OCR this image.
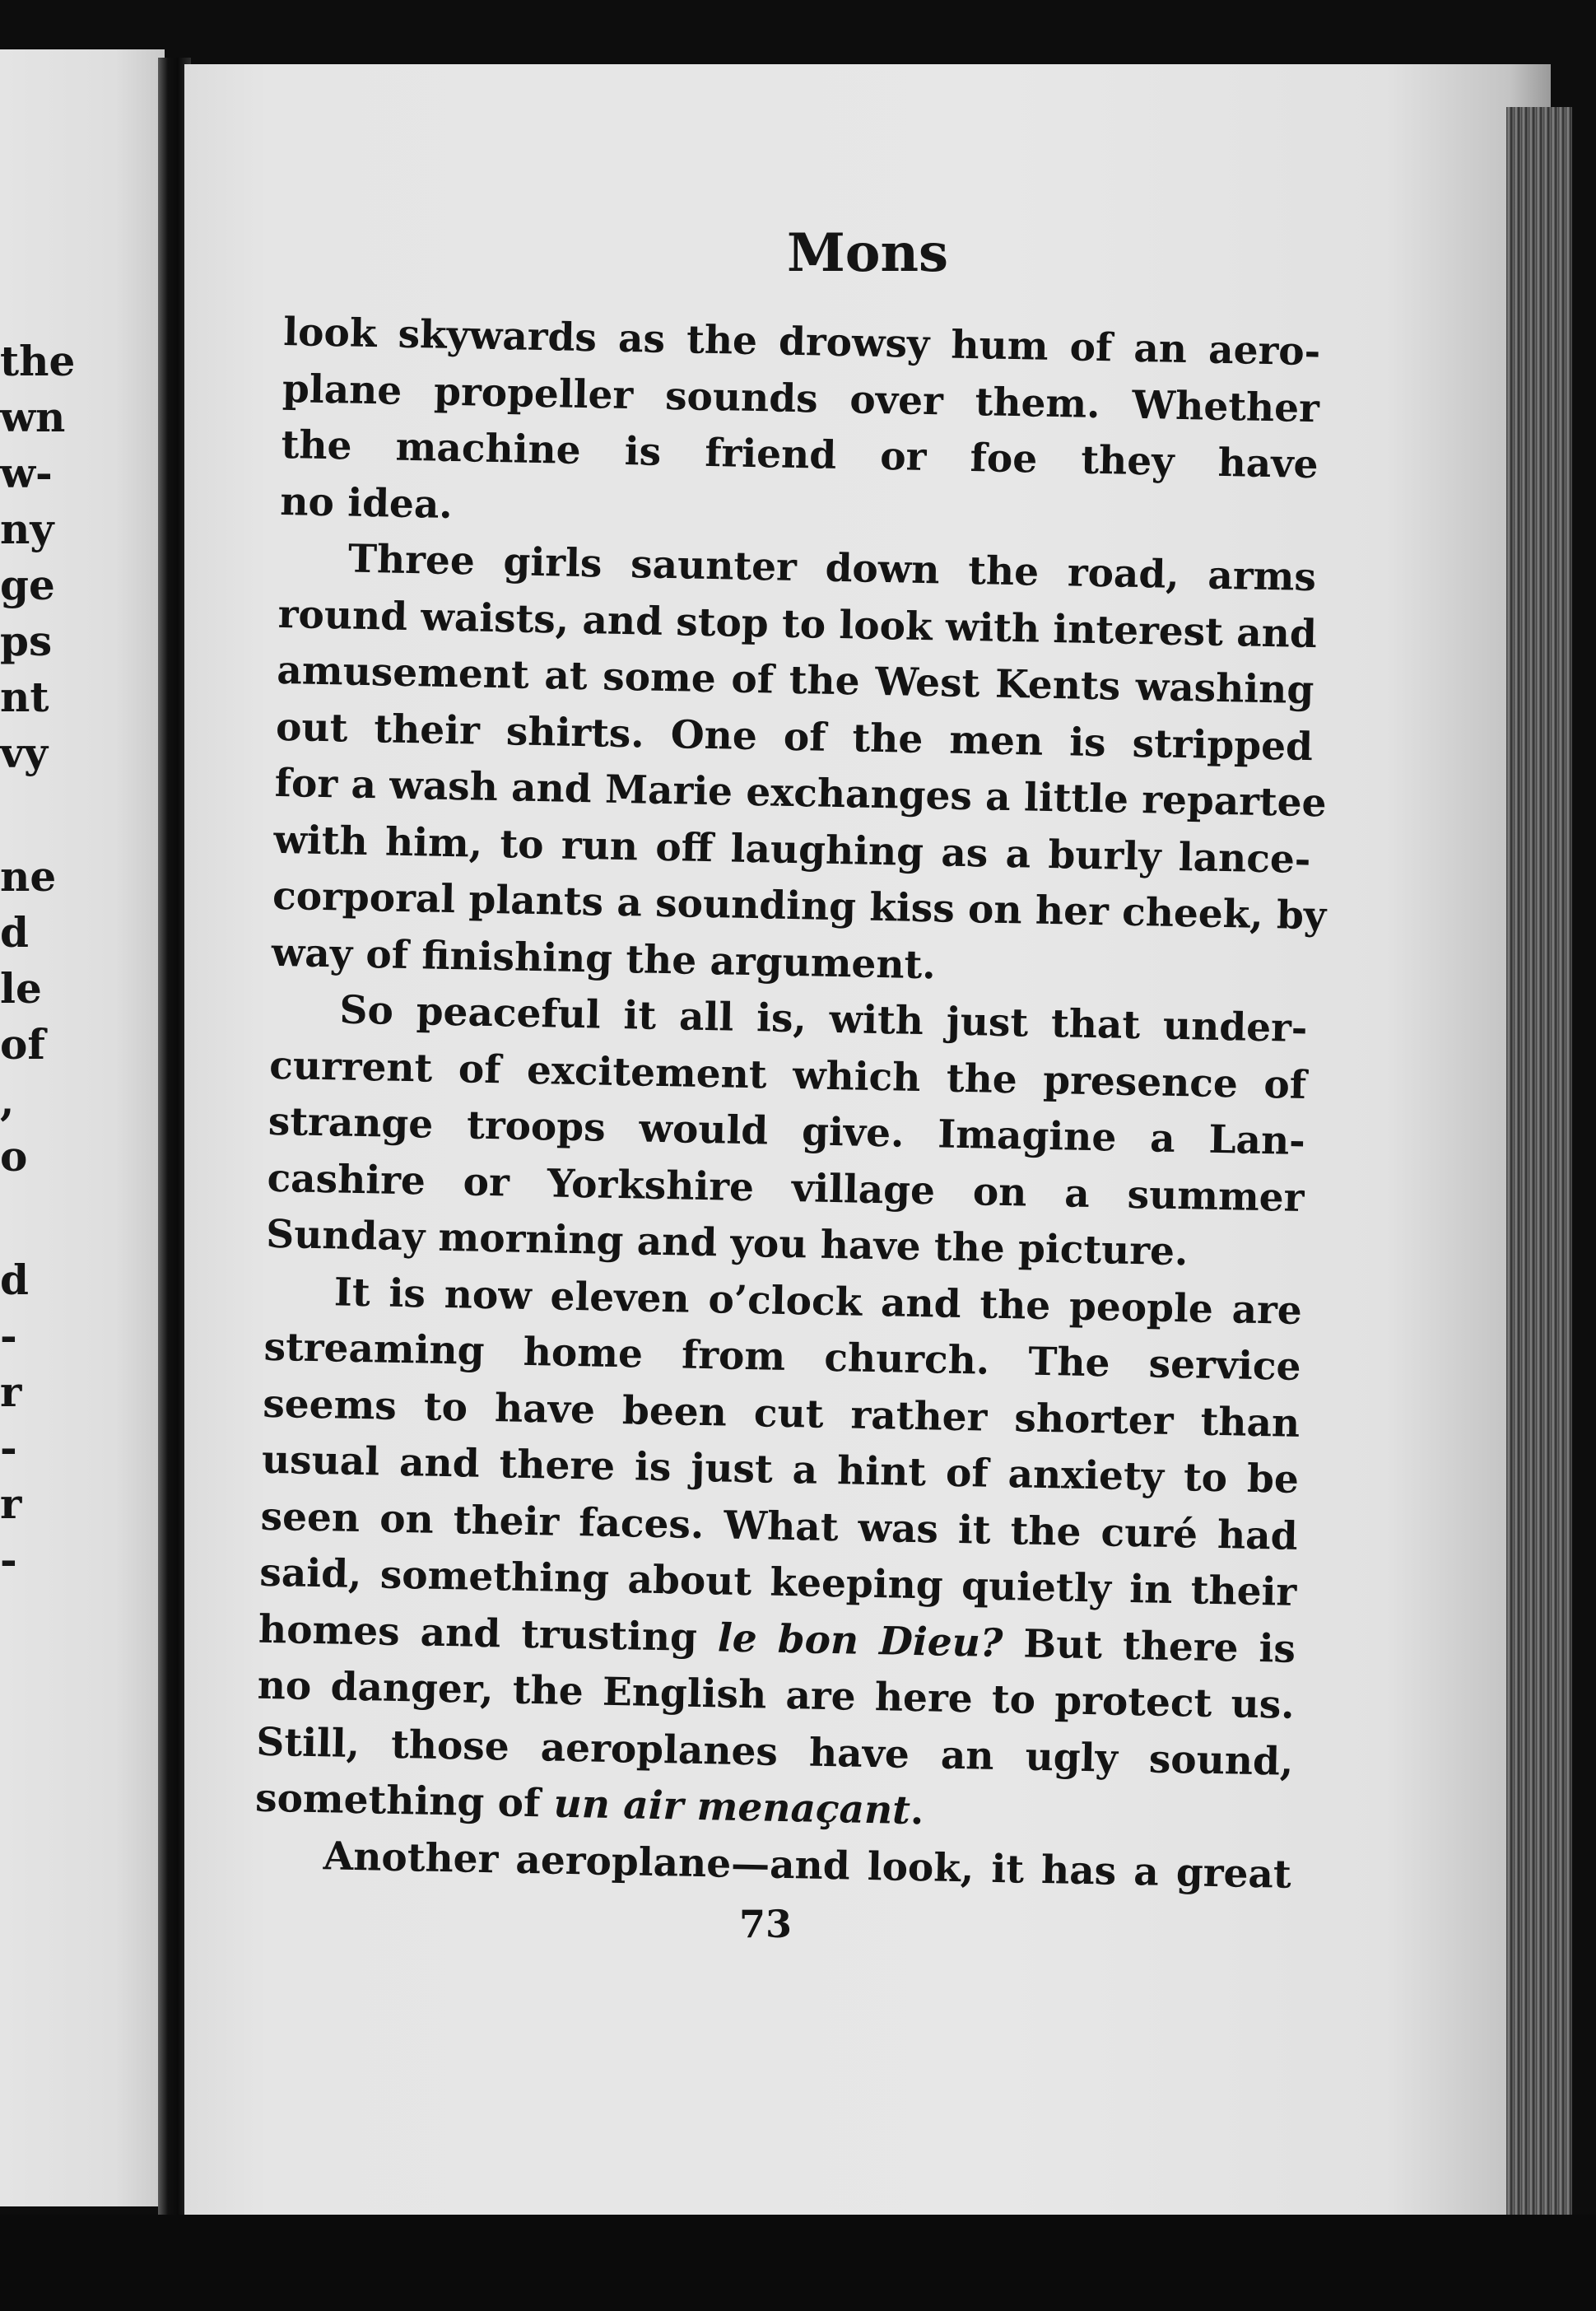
the
wn
w-
ny
ge
ps
nt
vy
ne
d
le
of
,
o
d
-
r
-
r
-
Mons
look skywards as the drowsy hum of an aero-
plane propeller sounds over them. Whether
the machine is friend or foe they have
no idea.
Three girls saunter down the road, arms
round waists, and stop to look with interest and
amusement at some of the West Kents washing
out their shirts. One of the men is stripped
for a wash and Marie exchanges a little repartee
with him, to run off laughing as a burly lance-
corporal plants a sounding kiss on her cheek, by
way of finishing the argument.
So peaceful it all is, with just that under-
current of excitement which the presence of
strange troops would give. Imagine a Lan-
cashire or Yorkshire village on a summer
Sunday morning and you have the picture.
It is now eleven o’clock and the people are
streaming home from church. The service
seems to have been cut rather shorter than
usual and there is just a hint of anxiety to be
seen on their faces. What was it the curé had
said, something about keeping quietly in their
homes and trusting le bon Dieu? But there is
no danger, the English are here to protect us.
Still, those aeroplanes have an ugly sound,
something of un air menaçant.
Another aeroplane—and look, it has a great
73
